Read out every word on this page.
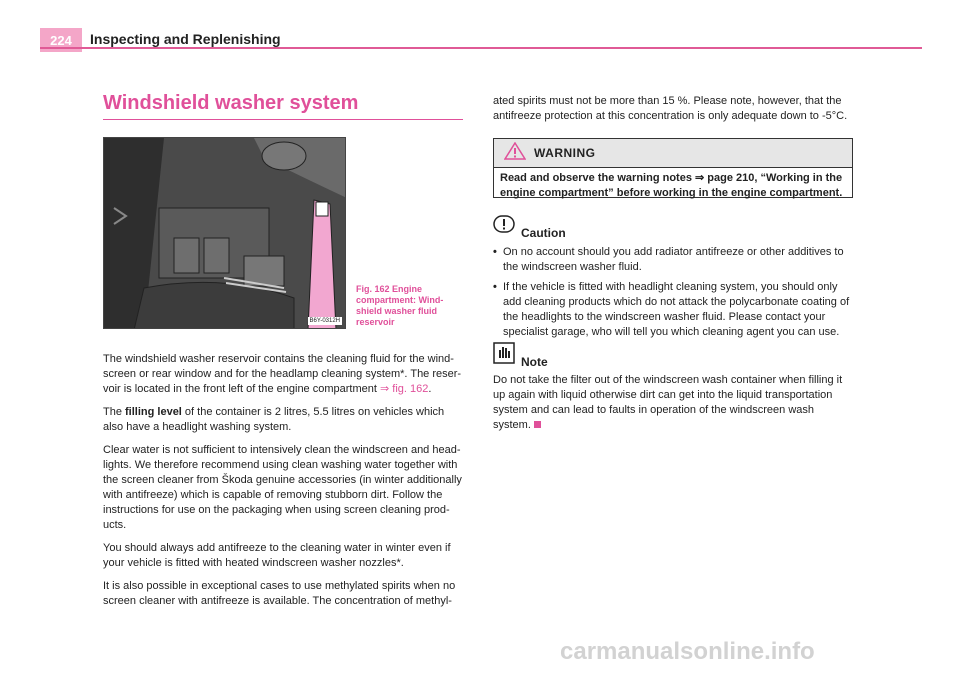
224 Inspecting and Replenishing
Windshield washer system
B6Y-0312H
Fig. 162 Engine compartment: Wind-shield washer fluid reservoir

The windshield washer reservoir contains the cleaning fluid for the wind-screen or rear window and for the headlamp cleaning system*. The reser-voir is located in the front left of the engine compartment ⇒ fig. 162.

The filling level of the container is 2 litres, 5.5 litres on vehicles which also have a headlight washing system.

Clear water is not sufficient to intensively clean the windscreen and head-lights. We therefore recommend using clean washing water together with the screen cleaner from Škoda genuine accessories (in winter additionally with antifreeze) which is capable of removing stubborn dirt. Follow the instructions for use on the packaging when using screen cleaning prod-ucts.

You should always add antifreeze to the cleaning water in winter even if your vehicle is fitted with heated windscreen washer nozzles*.

It is also possible in exceptional cases to use methylated spirits when no screen cleaner with antifreeze is available. The concentration of methyl-

ated spirits must not be more than 15 %. Please note, however, that the antifreeze protection at this concentration is only adequate down to -5°C.

WARNING
Read and observe the warning notes ⇒ page 210, “Working in the engine compartment” before working in the engine compartment.
Caution
• On no account should you add radiator antifreeze or other additives to the windscreen washer fluid.
• If the vehicle is fitted with headlight cleaning system, you should only add cleaning products which do not attack the polycarbonate coating of the headlights to the windscreen washer fluid. Please contact your specialist garage, who will tell you which cleaning agent you can use.
Note

Do not take the filter out of the windscreen wash container when filling it up again with liquid otherwise dirt can get into the liquid transportation system and can lead to faults in operation of the windscreen wash system.

carmanualsonline.info
